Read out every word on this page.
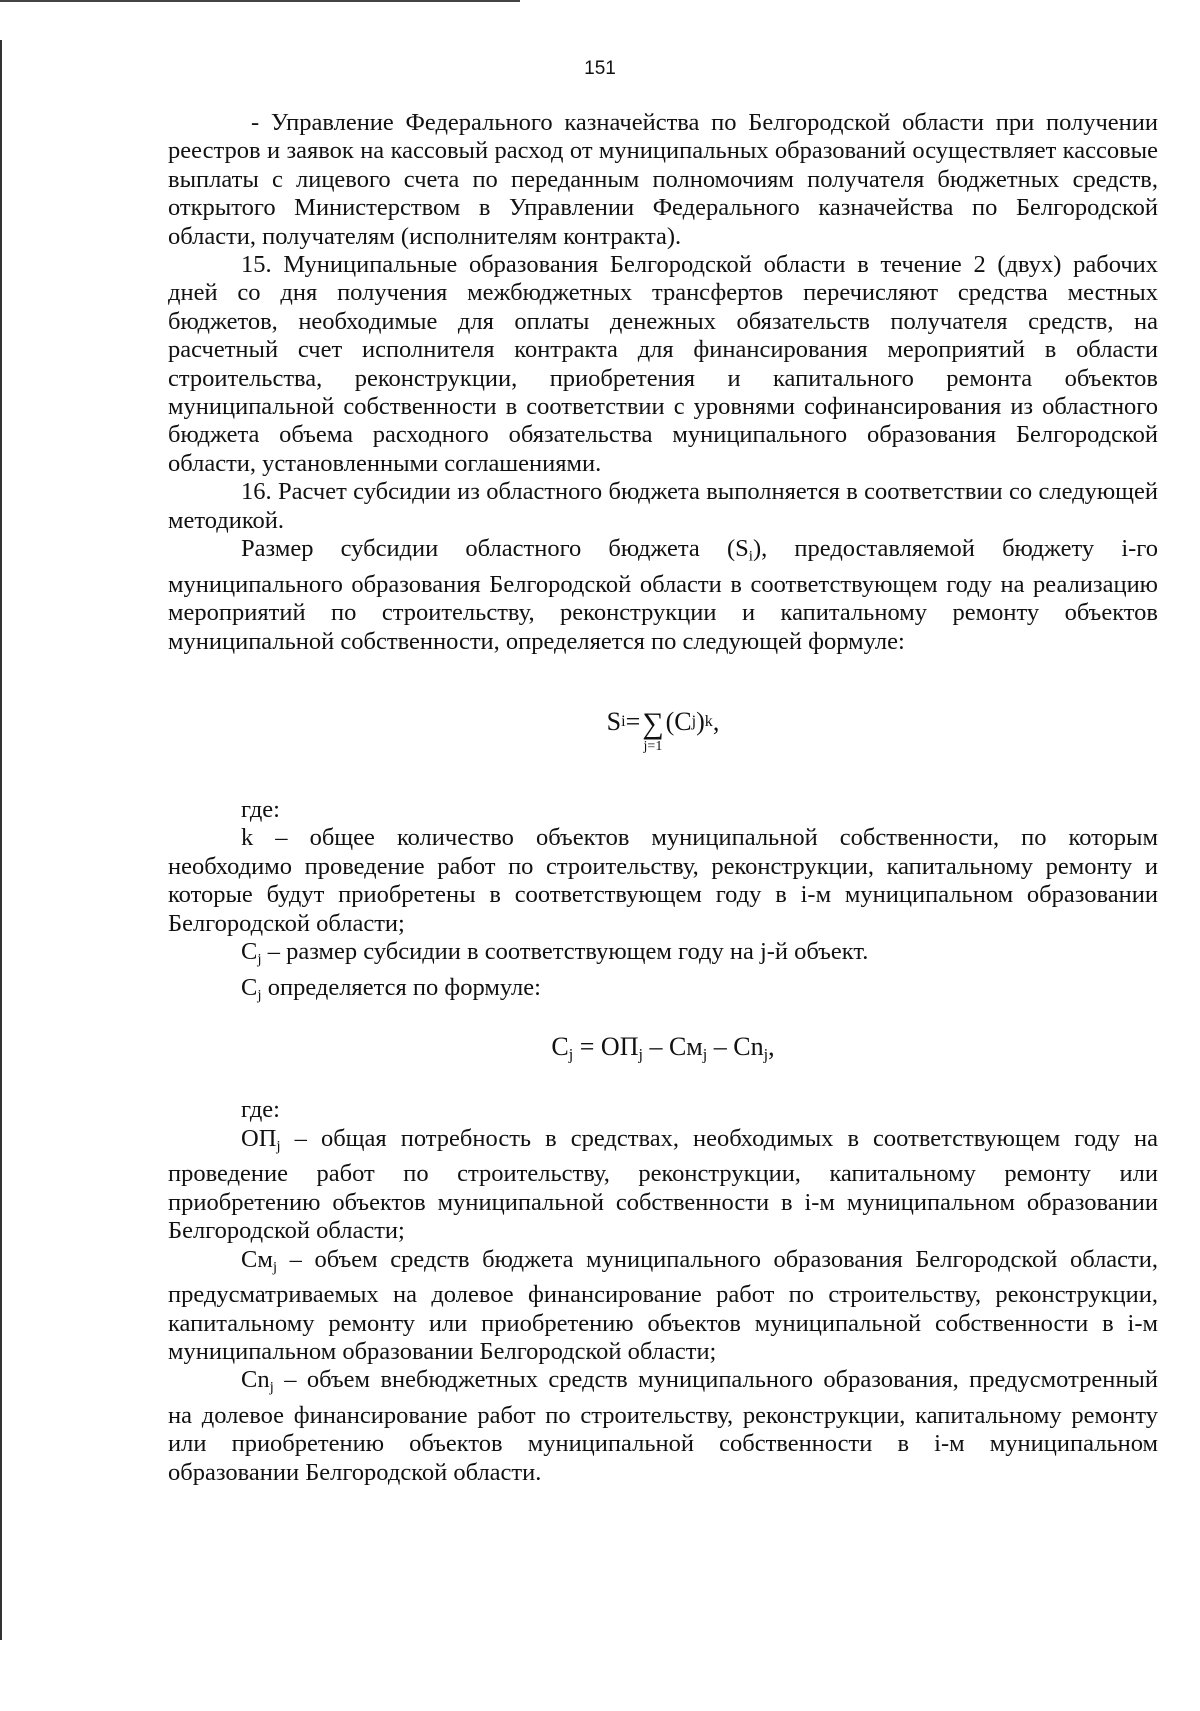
151

- Управление Федерального казначейства по Белгородской области при получении реестров и заявок на кассовый расход от муниципальных образований осуществляет кассовые выплаты с лицевого счета по переданным полномочиям получателя бюджетных средств, открытого Министерством в Управлении Федерального казначейства по Белгородской области, получателям (исполнителям контракта).

15. Муниципальные образования Белгородской области в течение 2 (двух) рабочих дней со дня получения межбюджетных трансфертов перечисляют средства местных бюджетов, необходимые для оплаты денежных обязательств получателя средств, на расчетный счет исполнителя контракта для финансирования мероприятий в области строительства, реконструкции, приобретения и капитального ремонта объектов муниципальной собственности в соответствии с уровнями софинансирования из областного бюджета объема расходного обязательства муниципального образования Белгородской области, установленными соглашениями.

16. Расчет субсидии из областного бюджета выполняется в соответствии со следующей методикой.

Размер субсидии областного бюджета $(S_i)$, предоставляемой бюджету i-го муниципального образования Белгородской области в соответствующем году на реализацию мероприятий по строительству, реконструкции и капитальному ремонту объектов муниципальной собственности, определяется по следующей формуле:

S i = ∑
j=1
(C j ) k ,

где:

k – общее количество объектов муниципальной собственности, по которым необходимо проведение работ по строительству, реконструкции, капитальному ремонту и которые будут приобретены в соответствующем году в i-м муниципальном образовании Белгородской области;

$C_j$ – размер субсидии в соответствующем году на j-й объект.

$C_j$ определяется по формуле:

$C_j = ОП_j - См_j - Сn_j$,

где:

$ОП_j$ – общая потребность в средствах, необходимых в соответствующем году на проведение работ по строительству, реконструкции, капитальному ремонту или приобретению объектов муниципальной собственности в i-м муниципальном образовании Белгородской области;

$См_j$ – объем средств бюджета муниципального образования Белгородской области, предусматриваемых на долевое финансирование работ по строительству, реконструкции, капитальному ремонту или приобретению объектов муниципальной собственности в i-м муниципальном образовании Белгородской области;

$Сn_j$ – объем внебюджетных средств муниципального образования, предусмотренный на долевое финансирование работ по строительству, реконструкции, капитальному ремонту или приобретению объектов муниципальной собственности в i-м муниципальном образовании Белгородской области.
